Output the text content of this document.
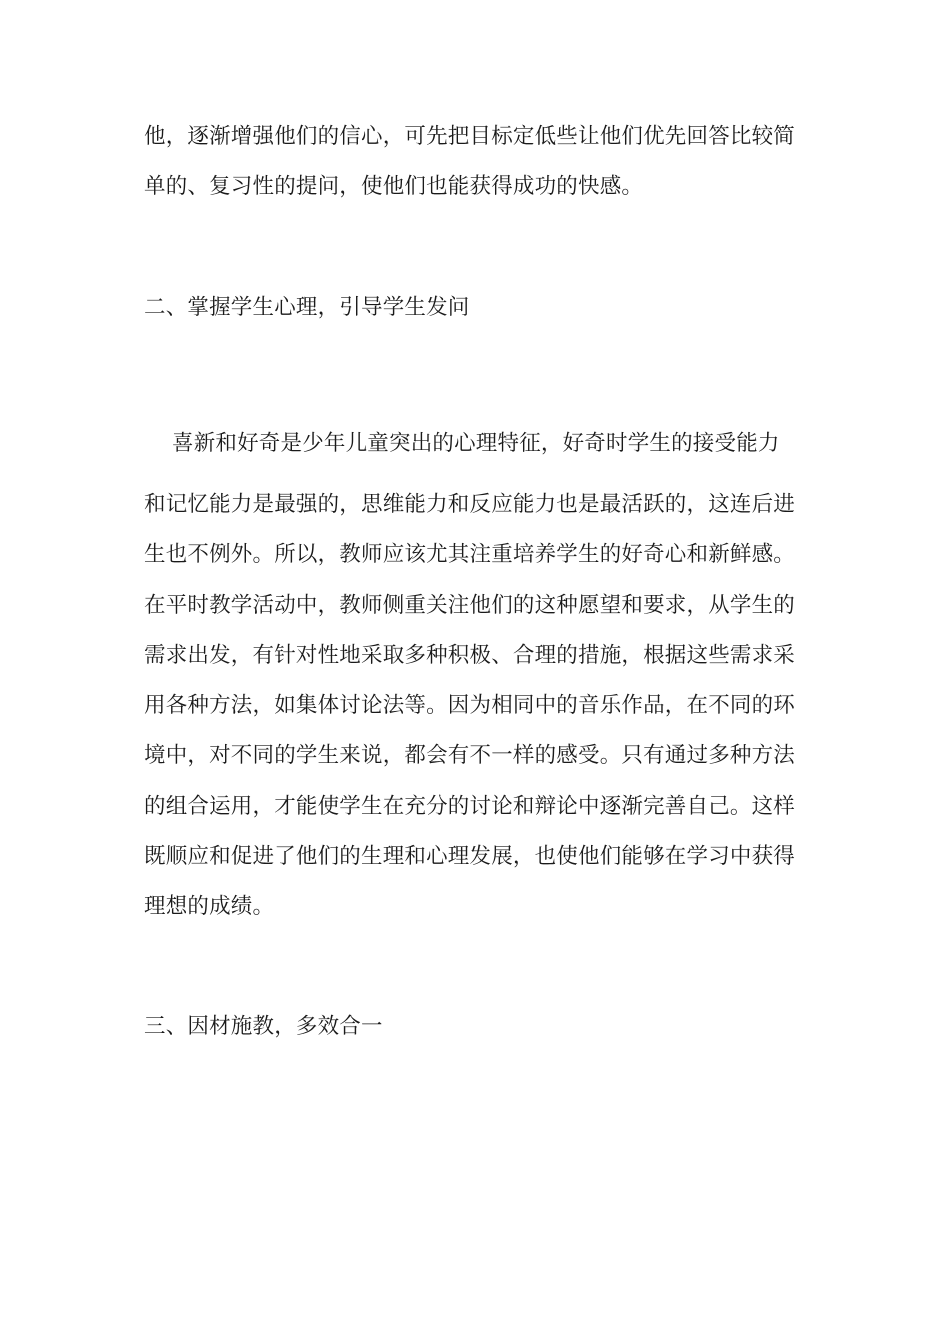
他，逐渐增强他们的信心，可先把目标定低些让他们优先回答比较简
单的、复习性的提问，使他们也能获得成功的快感。
二、掌握学生心理，引导学生发问
喜新和好奇是少年儿童突出的心理特征，好奇时学生的接受能力
和记忆能力是最强的，思维能力和反应能力也是最活跃的，这连后进
生也不例外。所以，教师应该尤其注重培养学生的好奇心和新鲜感。
在平时教学活动中，教师侧重关注他们的这种愿望和要求，从学生的
需求出发，有针对性地采取多种积极、合理的措施，根据这些需求采
用各种方法，如集体讨论法等。因为相同中的音乐作品，在不同的环
境中，对不同的学生来说，都会有不一样的感受。只有通过多种方法
的组合运用，才能使学生在充分的讨论和辩论中逐渐完善自己。这样
既顺应和促进了他们的生理和心理发展，也使他们能够在学习中获得
理想的成绩。
三、因材施教，多效合一
